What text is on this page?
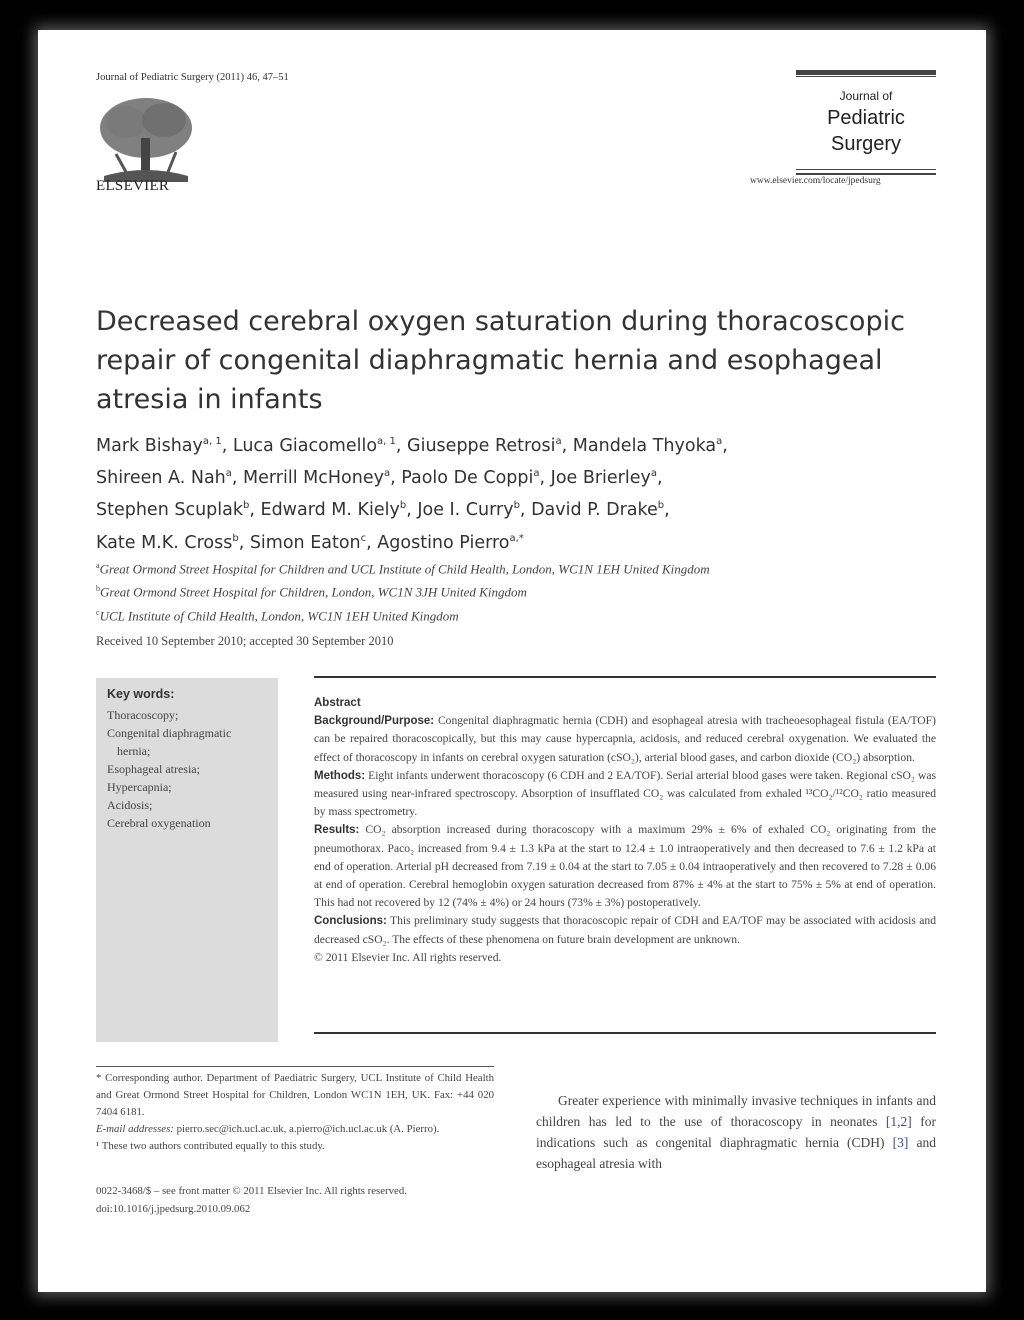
Journal of Pediatric Surgery (2011) 46, 47–51
ELSEVIER
Journal of
Pediatric
Surgery
www.elsevier.com/locate/jpedsurg
Decreased cerebral oxygen saturation during thoracoscopic repair of congenital diaphragmatic hernia and esophageal atresia in infants
Mark Bishay$^{a, 1}$, Luca Giacomello$^{a, 1}$, Giuseppe Retrosi$^a$, Mandela Thyoka$^a$,
Shireen A. Nah$^a$, Merrill McHoney$^a$, Paolo De Coppi$^a$, Joe Brierley$^a$,
Stephen Scuplak$^b$, Edward M. Kiely$^b$, Joe I. Curry$^b$, David P. Drake$^b$,
Kate M.K. Cross$^b$, Simon Eaton$^c$, Agostino Pierro$^{a,*}$
$^a$Great Ormond Street Hospital for Children and UCL Institute of Child Health, London, WC1N 1EH United Kingdom
$^b$Great Ormond Street Hospital for Children, London, WC1N 3JH United Kingdom
$^c$UCL Institute of Child Health, London, WC1N 1EH United Kingdom
Received 10 September 2010; accepted 30 September 2010
Key words:
Thoracoscopy;
Congenital diaphragmatic
hernia;
Esophageal atresia;
Hypercapnia;
Acidosis;
Cerebral oxygenation

Abstract

Background/Purpose: Congenital diaphragmatic hernia (CDH) and esophageal atresia with tracheoesophageal fistula (EA/TOF) can be repaired thoracoscopically, but this may cause hypercapnia, acidosis, and reduced cerebral oxygenation. We evaluated the effect of thoracoscopy in infants on cerebral oxygen saturation (cSO₂), arterial blood gases, and carbon dioxide (CO₂) absorption.

Methods: Eight infants underwent thoracoscopy (6 CDH and 2 EA/TOF). Serial arterial blood gases were taken. Regional cSO₂ was measured using near-infrared spectroscopy. Absorption of insufflated CO₂ was calculated from exhaled ¹³CO₂/¹²CO₂ ratio measured by mass spectrometry.

Results: CO₂ absorption increased during thoracoscopy with a maximum 29% ± 6% of exhaled CO₂ originating from the pneumothorax. Paco₂ increased from 9.4 ± 1.3 kPa at the start to 12.4 ± 1.0 intraoperatively and then decreased to 7.6 ± 1.2 kPa at end of operation. Arterial pH decreased from 7.19 ± 0.04 at the start to 7.05 ± 0.04 intraoperatively and then recovered to 7.28 ± 0.06 at end of operation. Cerebral hemoglobin oxygen saturation decreased from 87% ± 4% at the start to 75% ± 5% at end of operation. This had not recovered by 12 (74% ± 4%) or 24 hours (73% ± 3%) postoperatively.

Conclusions: This preliminary study suggests that thoracoscopic repair of CDH and EA/TOF may be associated with acidosis and decreased cSO₂. The effects of these phenomena on future brain development are unknown.

© 2011 Elsevier Inc. All rights reserved.

* Corresponding author. Department of Paediatric Surgery, UCL Institute of Child Health and Great Ormond Street Hospital for Children, London WC1N 1EH, UK. Fax: +44 020 7404 6181.

E-mail addresses: pierro.sec@ich.ucl.ac.uk, a.pierro@ich.ucl.ac.uk (A. Pierro).

¹ These two authors contributed equally to this study.

0022-3468/$ – see front matter © 2011 Elsevier Inc. All rights reserved.
doi:10.1016/j.jpedsurg.2010.09.062
Greater experience with minimally invasive techniques in infants and children has led to the use of thoracoscopy in neonates [1,2] for indications such as congenital diaphragmatic hernia (CDH) [3] and esophageal atresia with
